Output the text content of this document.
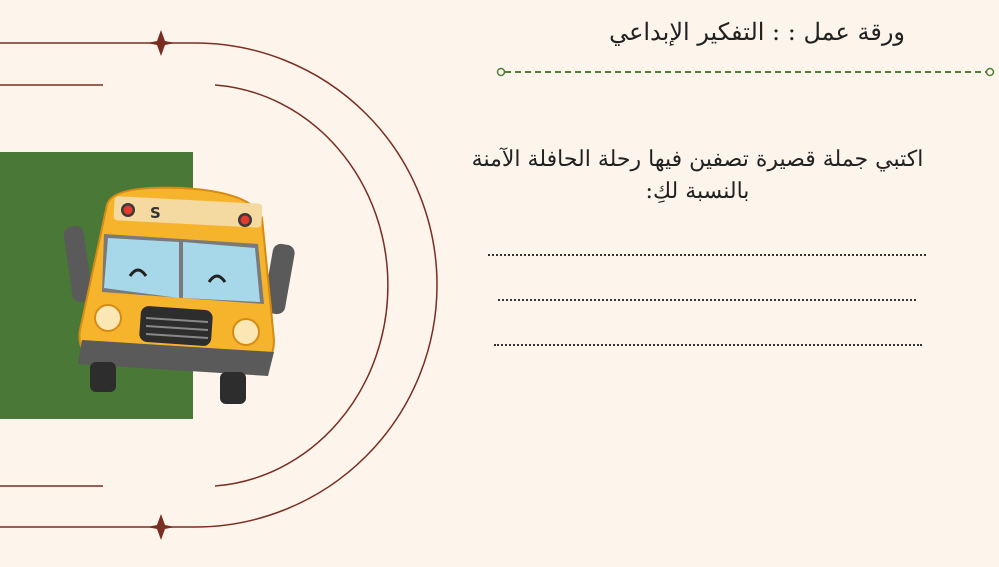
ورقة عمل : : التفكير الإبداعي
اكتبي جملة قصيرة تصفين فيها رحلة الحافلة الآمنة
بالنسبة لكِ:
S
